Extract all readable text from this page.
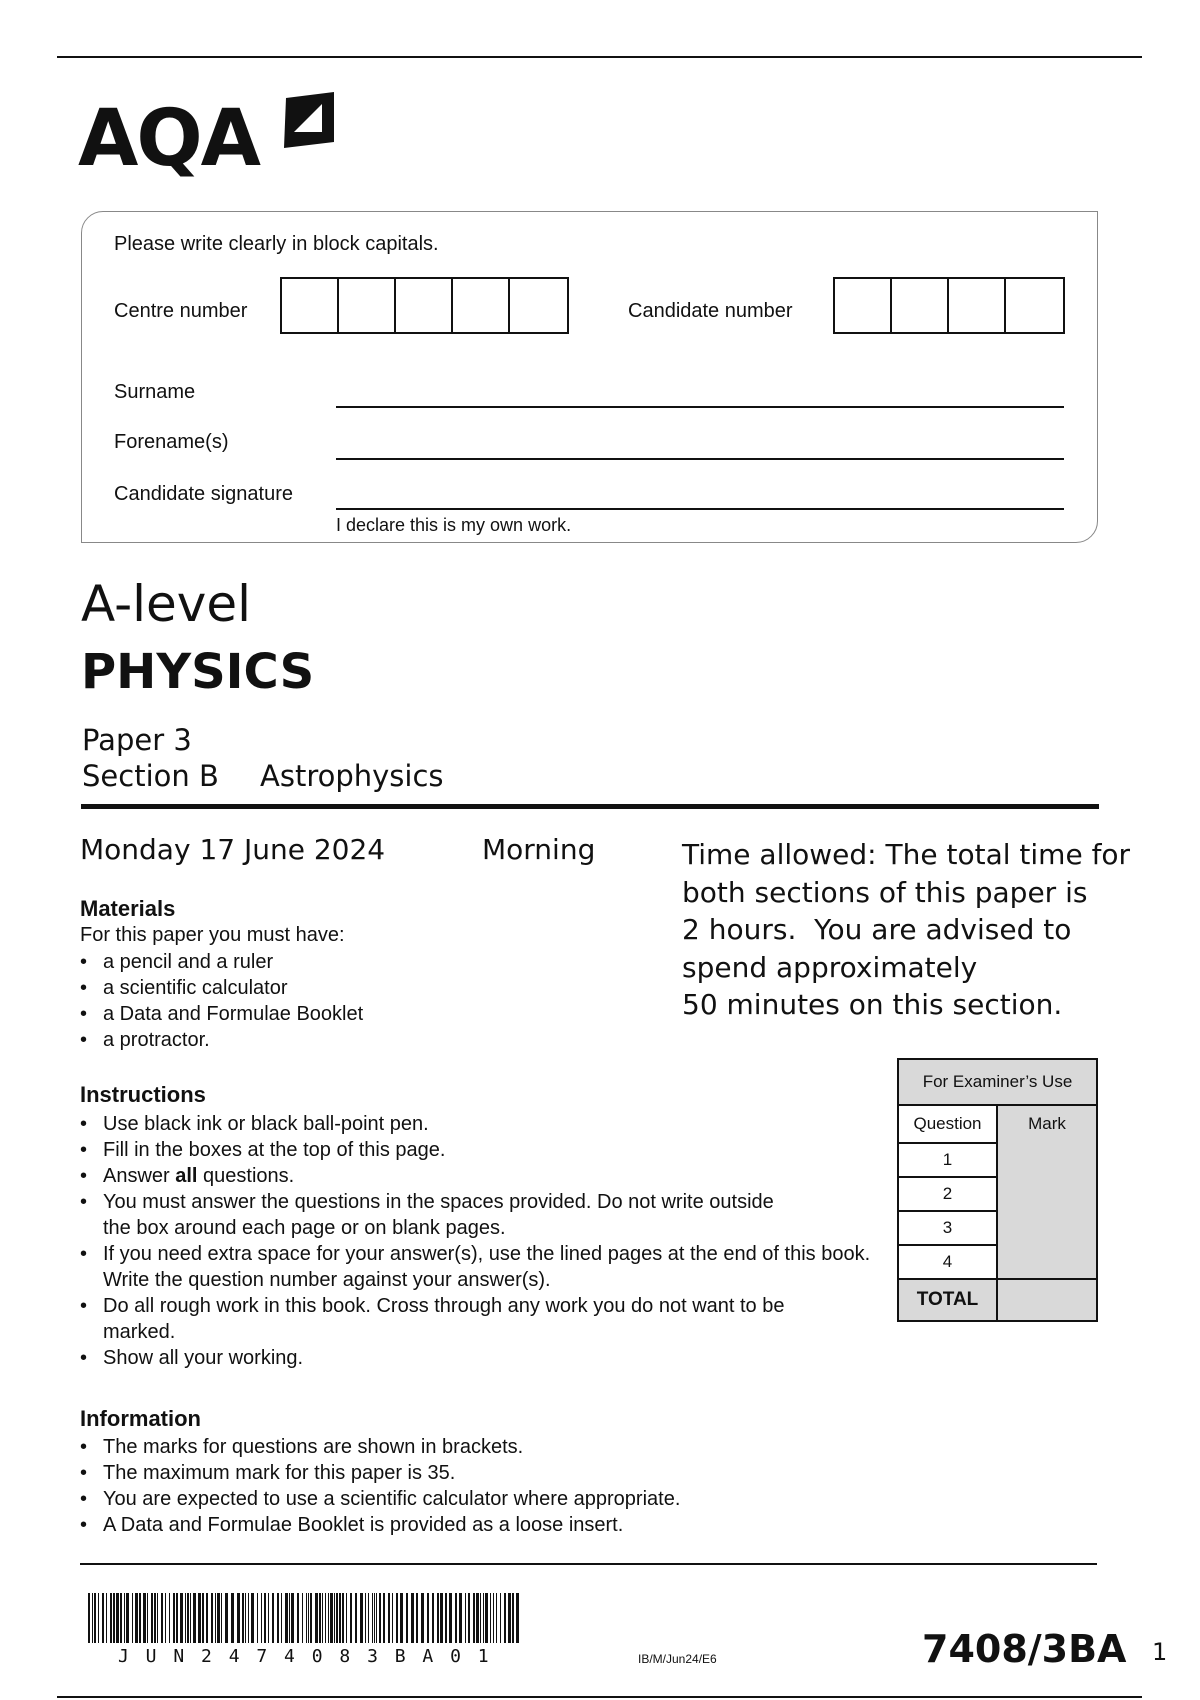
AQA
Please write clearly in block capitals.
Centre number	Candidate number
Surname
Forename(s)
Candidate signature
I declare this is my own work.
A-level
PHYSICS
Paper 3
Section B Astrophysics
Monday 17 June 2024	Morning	Time allowed: The total time for
both sections of this paper is
2 hours.  You are advised to
spend approximately
50 minutes on this section.
Materials
For this paper you must have:
• a pencil and a ruler
• a scientific calculator
• a Data and Formulae Booklet
• a protractor.
Instructions
• Use black ink or black ball-point pen.
• Fill in the boxes at the top of this page.
• Answer all questions.
• You must answer the questions in the spaces provided. Do not write outside the box around each page or on blank pages.
• If you need extra space for your answer(s), use the lined pages at the end of this book. Write the question number against your answer(s).
• Do all rough work in this book. Cross through any work you do not want to be marked.
• Show all your working.
Information
• The marks for questions are shown in brackets.
• The maximum mark for this paper is 35.
• You are expected to use a scientific calculator where appropriate.
• A Data and Formulae Booklet is provided as a loose insert.
For Examiner’s Use	
Question	Mark
1	
2	
3	
4	
TOTAL	
J U N 2 4 7 4 0 8 3 B A 0 1	IB/M/Jun24/E6	7408/3BA 1
